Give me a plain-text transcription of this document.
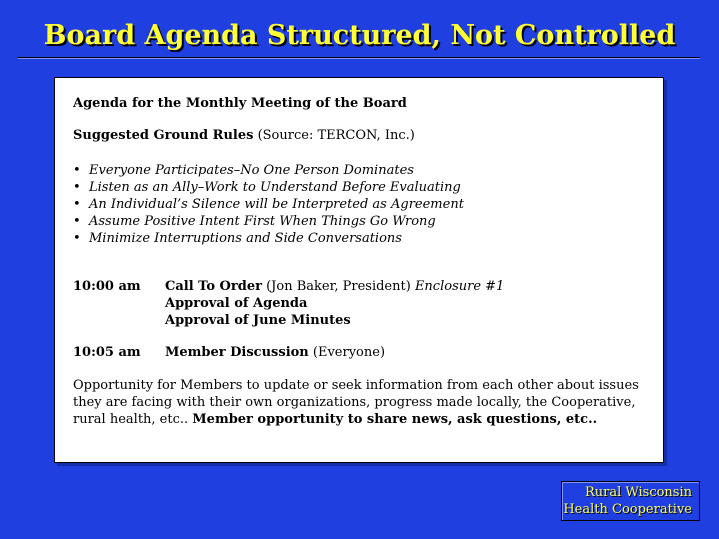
Board Agenda Structured, Not Controlled
Agenda for the Monthly Meeting of the Board
Suggested Ground Rules (Source: TERCON, Inc.)
• Everyone Participates–No One Person Dominates
• Listen as an Ally–Work to Understand Before Evaluating
• An Individual’s Silence will be Interpreted as Agreement
• Assume Positive Intent First When Things Go Wrong
• Minimize Interruptions and Side Conversations
10:00 am Call To Order (Jon Baker, President) Enclosure #1
Approval of Agenda
Approval of June Minutes
10:05 am Member Discussion (Everyone)
Opportunity for Members to update or seek information from each other about issues they are facing with their own organizations, progress made locally, the Cooperative, rural health, etc.. Member opportunity to share news, ask questions, etc..
Rural Wisconsin
Health Cooperative
